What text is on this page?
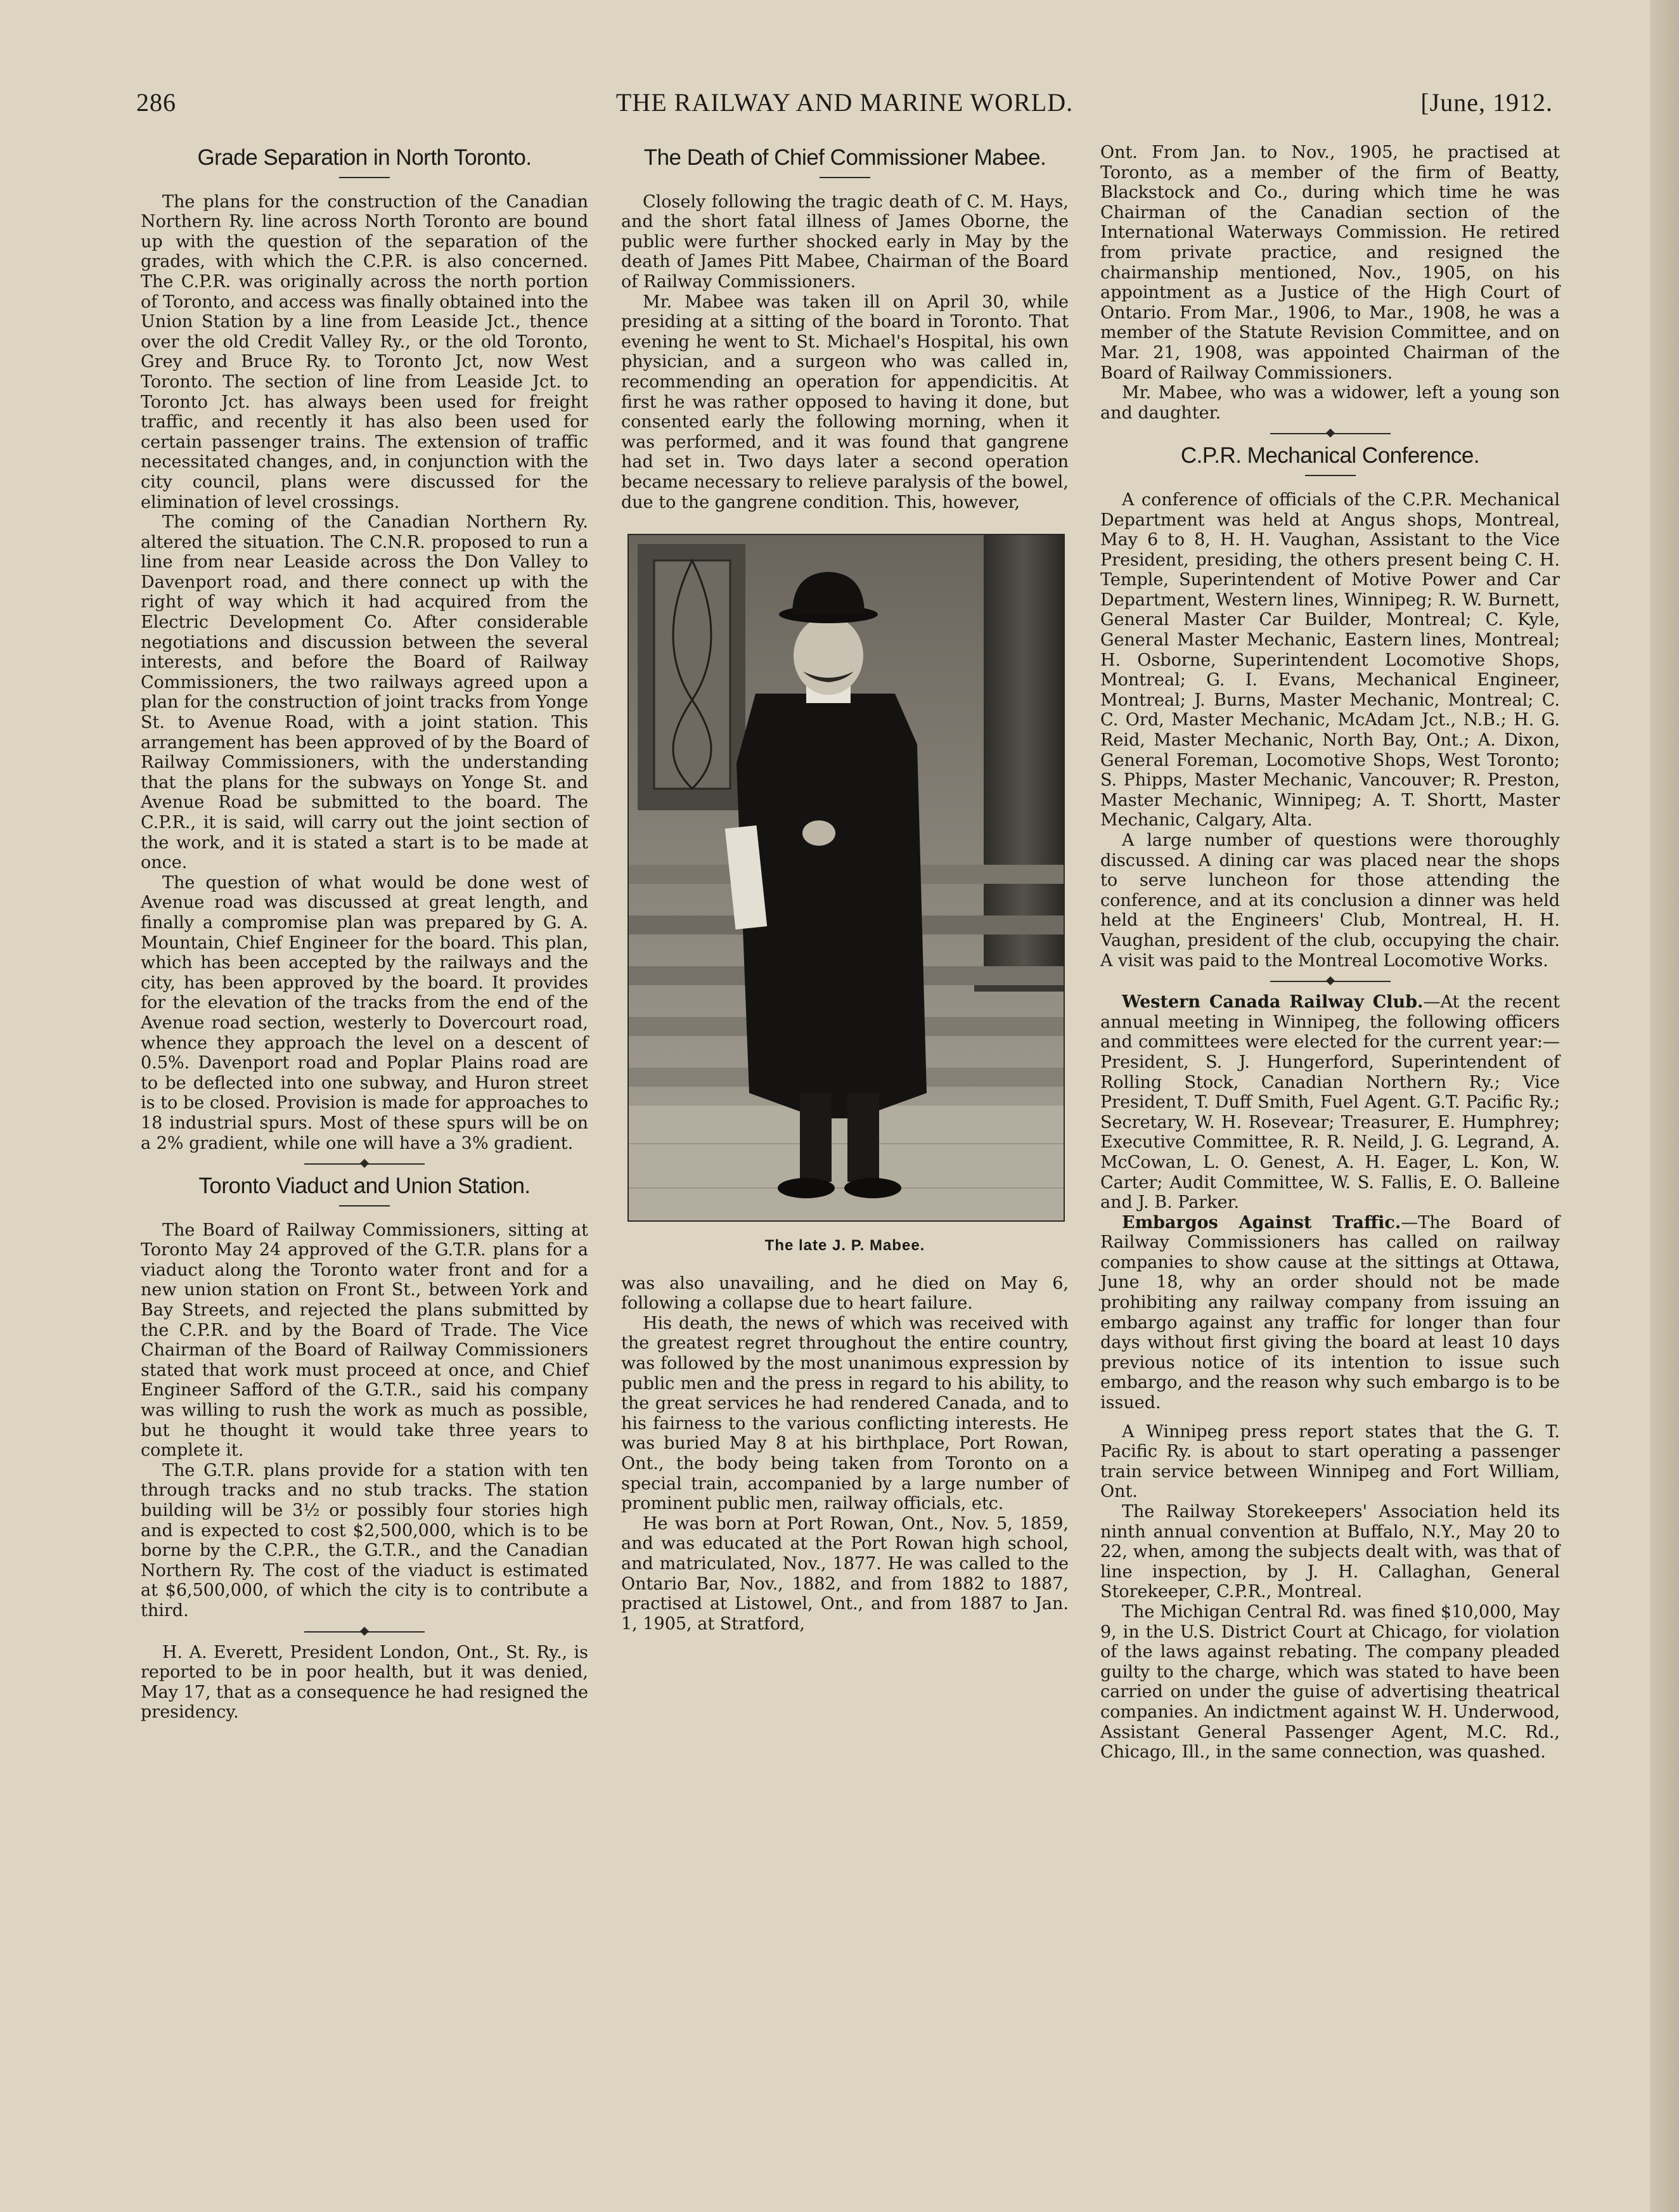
286	THE RAILWAY AND MARINE WORLD.	[June, 1912.
Grade Separation in North Toronto.

The plans for the construction of the Canadian Northern Ry. line across North Toronto are bound up with the question of the separation of the grades, with which the C.P.R. is also concerned. The C.P.R. was originally across the north portion of Toronto, and access was finally obtained into the Union Station by a line from Leaside Jct., thence over the old Credit Valley Ry., or the old Toronto, Grey and Bruce Ry. to Toronto Jct, now West Toronto. The section of line from Leaside Jct. to Toronto Jct. has always been used for freight traffic, and recently it has also been used for certain passenger trains. The extension of traffic necessitated changes, and, in conjunction with the city council, plans were discussed for the elimination of level crossings.

The coming of the Canadian Northern Ry. altered the situation. The C.N.R. proposed to run a line from near Leaside across the Don Valley to Davenport road, and there connect up with the right of way which it had acquired from the Electric Development Co. After considerable negotiations and discussion between the several interests, and before the Board of Railway Commissioners, the two railways agreed upon a plan for the construction of joint tracks from Yonge St. to Avenue Road, with a joint station. This arrangement has been approved of by the Board of Railway Commissioners, with the understanding that the plans for the subways on Yonge St. and Avenue Road be submitted to the board. The C.P.R., it is said, will carry out the joint section of the work, and it is stated a start is to be made at once.

The question of what would be done west of Avenue road was discussed at great length, and finally a compromise plan was prepared by G. A. Mountain, Chief Engineer for the board. This plan, which has been accepted by the railways and the city, has been approved by the board. It provides for the elevation of the tracks from the end of the Avenue road section, westerly to Dovercourt road, whence they approach the level on a descent of 0.5%. Davenport road and Poplar Plains road are to be deflected into one subway, and Huron street is to be closed. Provision is made for approaches to 18 industrial spurs. Most of these spurs will be on a 2% gradient, while one will have a 3% gradient.

Toronto Viaduct and Union Station.

The Board of Railway Commissioners, sitting at Toronto May 24 approved of the G.T.R. plans for a viaduct along the Toronto water front and for a new union station on Front St., between York and Bay Streets, and rejected the plans submitted by the C.P.R. and by the Board of Trade. The Vice Chairman of the Board of Railway Commissioners stated that work must proceed at once, and Chief Engineer Safford of the G.T.R., said his company was willing to rush the work as much as possible, but he thought it would take three years to complete it.

The G.T.R. plans provide for a station with ten through tracks and no stub tracks. The station building will be 3½ or possibly four stories high and is expected to cost $2,500,000, which is to be borne by the C.P.R., the G.T.R., and the Canadian Northern Ry. The cost of the viaduct is estimated at $6,500,000, of which the city is to contribute a third.

H. A. Everett, President London, Ont., St. Ry., is reported to be in poor health, but it was denied, May 17, that as a consequence he had resigned the presidency.

The Death of Chief Commissioner Mabee.

Closely following the tragic death of C. M. Hays, and the short fatal illness of James Oborne, the public were further shocked early in May by the death of James Pitt Mabee, Chairman of the Board of Railway Commissioners.

Mr. Mabee was taken ill on April 30, while presiding at a sitting of the board in Toronto. That evening he went to St. Michael's Hospital, his own physician, and a surgeon who was called in, recommending an operation for appendicitis. At first he was rather opposed to having it done, but consented early the following morning, when it was performed, and it was found that gangrene had set in. Two days later a second operation became necessary to relieve paralysis of the bowel, due to the gangrene condition. This, however,

The late J. P. Mabee.

was also unavailing, and he died on May 6, following a collapse due to heart failure.

His death, the news of which was received with the greatest regret throughout the entire country, was followed by the most unanimous expression by public men and the press in regard to his ability, to the great services he had rendered Canada, and to his fairness to the various conflicting interests. He was buried May 8 at his birthplace, Port Rowan, Ont., the body being taken from Toronto on a special train, accompanied by a large number of prominent public men, railway officials, etc.

He was born at Port Rowan, Ont., Nov. 5, 1859, and was educated at the Port Rowan high school, and matriculated, Nov., 1877. He was called to the Ontario Bar, Nov., 1882, and from 1882 to 1887, practised at Listowel, Ont., and from 1887 to Jan. 1, 1905, at Stratford,

Ont. From Jan. to Nov., 1905, he practised at Toronto, as a member of the firm of Beatty, Blackstock and Co., during which time he was Chairman of the Canadian section of the International Waterways Commission. He retired from private practice, and resigned the chairmanship mentioned, Nov., 1905, on his appointment as a Justice of the High Court of Ontario. From Mar., 1906, to Mar., 1908, he was a member of the Statute Revision Committee, and on Mar. 21, 1908, was appointed Chairman of the Board of Railway Commissioners.

Mr. Mabee, who was a widower, left a young son and daughter.

C.P.R. Mechanical Conference.

A conference of officials of the C.P.R. Mechanical Department was held at Angus shops, Montreal, May 6 to 8, H. H. Vaughan, Assistant to the Vice President, presiding, the others present being C. H. Temple, Superintendent of Motive Power and Car Department, Western lines, Winnipeg; R. W. Burnett, General Master Car Builder, Montreal; C. Kyle, General Master Mechanic, Eastern lines, Montreal; H. Osborne, Superintendent Locomotive Shops, Montreal; G. I. Evans, Mechanical Engineer, Montreal; J. Burns, Master Mechanic, Montreal; C. C. Ord, Master Mechanic, McAdam Jct., N.B.; H. G. Reid, Master Mechanic, North Bay, Ont.; A. Dixon, General Foreman, Locomotive Shops, West Toronto; S. Phipps, Master Mechanic, Vancouver; R. Preston, Master Mechanic, Winnipeg; A. T. Shortt, Master Mechanic, Calgary, Alta.

A large number of questions were thoroughly discussed. A dining car was placed near the shops to serve luncheon for those attending the conference, and at its conclusion a dinner was held held at the Engineers' Club, Montreal, H. H. Vaughan, president of the club, occupying the chair. A visit was paid to the Montreal Locomotive Works.

Western Canada Railway Club.—At the recent annual meeting in Winnipeg, the following officers and committees were elected for the current year:—President, S. J. Hungerford, Superintendent of Rolling Stock, Canadian Northern Ry.; Vice President, T. Duff Smith, Fuel Agent. G.T. Pacific Ry.; Secretary, W. H. Rosevear; Treasurer, E. Humphrey; Executive Committee, R. R. Neild, J. G. Legrand, A. McCowan, L. O. Genest, A. H. Eager, L. Kon, W. Carter; Audit Committee, W. S. Fallis, E. O. Balleine and J. B. Parker.

Embargos Against Traffic.—The Board of Railway Commissioners has called on railway companies to show cause at the sittings at Ottawa, June 18, why an order should not be made prohibiting any railway company from issuing an embargo against any traffic for longer than four days without first giving the board at least 10 days previous notice of its intention to issue such embargo, and the reason why such embargo is to be issued.

A Winnipeg press report states that the G. T. Pacific Ry. is about to start operating a passenger train service between Winnipeg and Fort William, Ont.

The Railway Storekeepers' Association held its ninth annual convention at Buffalo, N.Y., May 20 to 22, when, among the subjects dealt with, was that of line inspection, by J. H. Callaghan, General Storekeeper, C.P.R., Montreal.

The Michigan Central Rd. was fined $10,000, May 9, in the U.S. District Court at Chicago, for violation of the laws against rebating. The company pleaded guilty to the charge, which was stated to have been carried on under the guise of advertising theatrical companies. An indictment against W. H. Underwood, Assistant General Passenger Agent, M.C. Rd., Chicago, Ill., in the same connection, was quashed.
